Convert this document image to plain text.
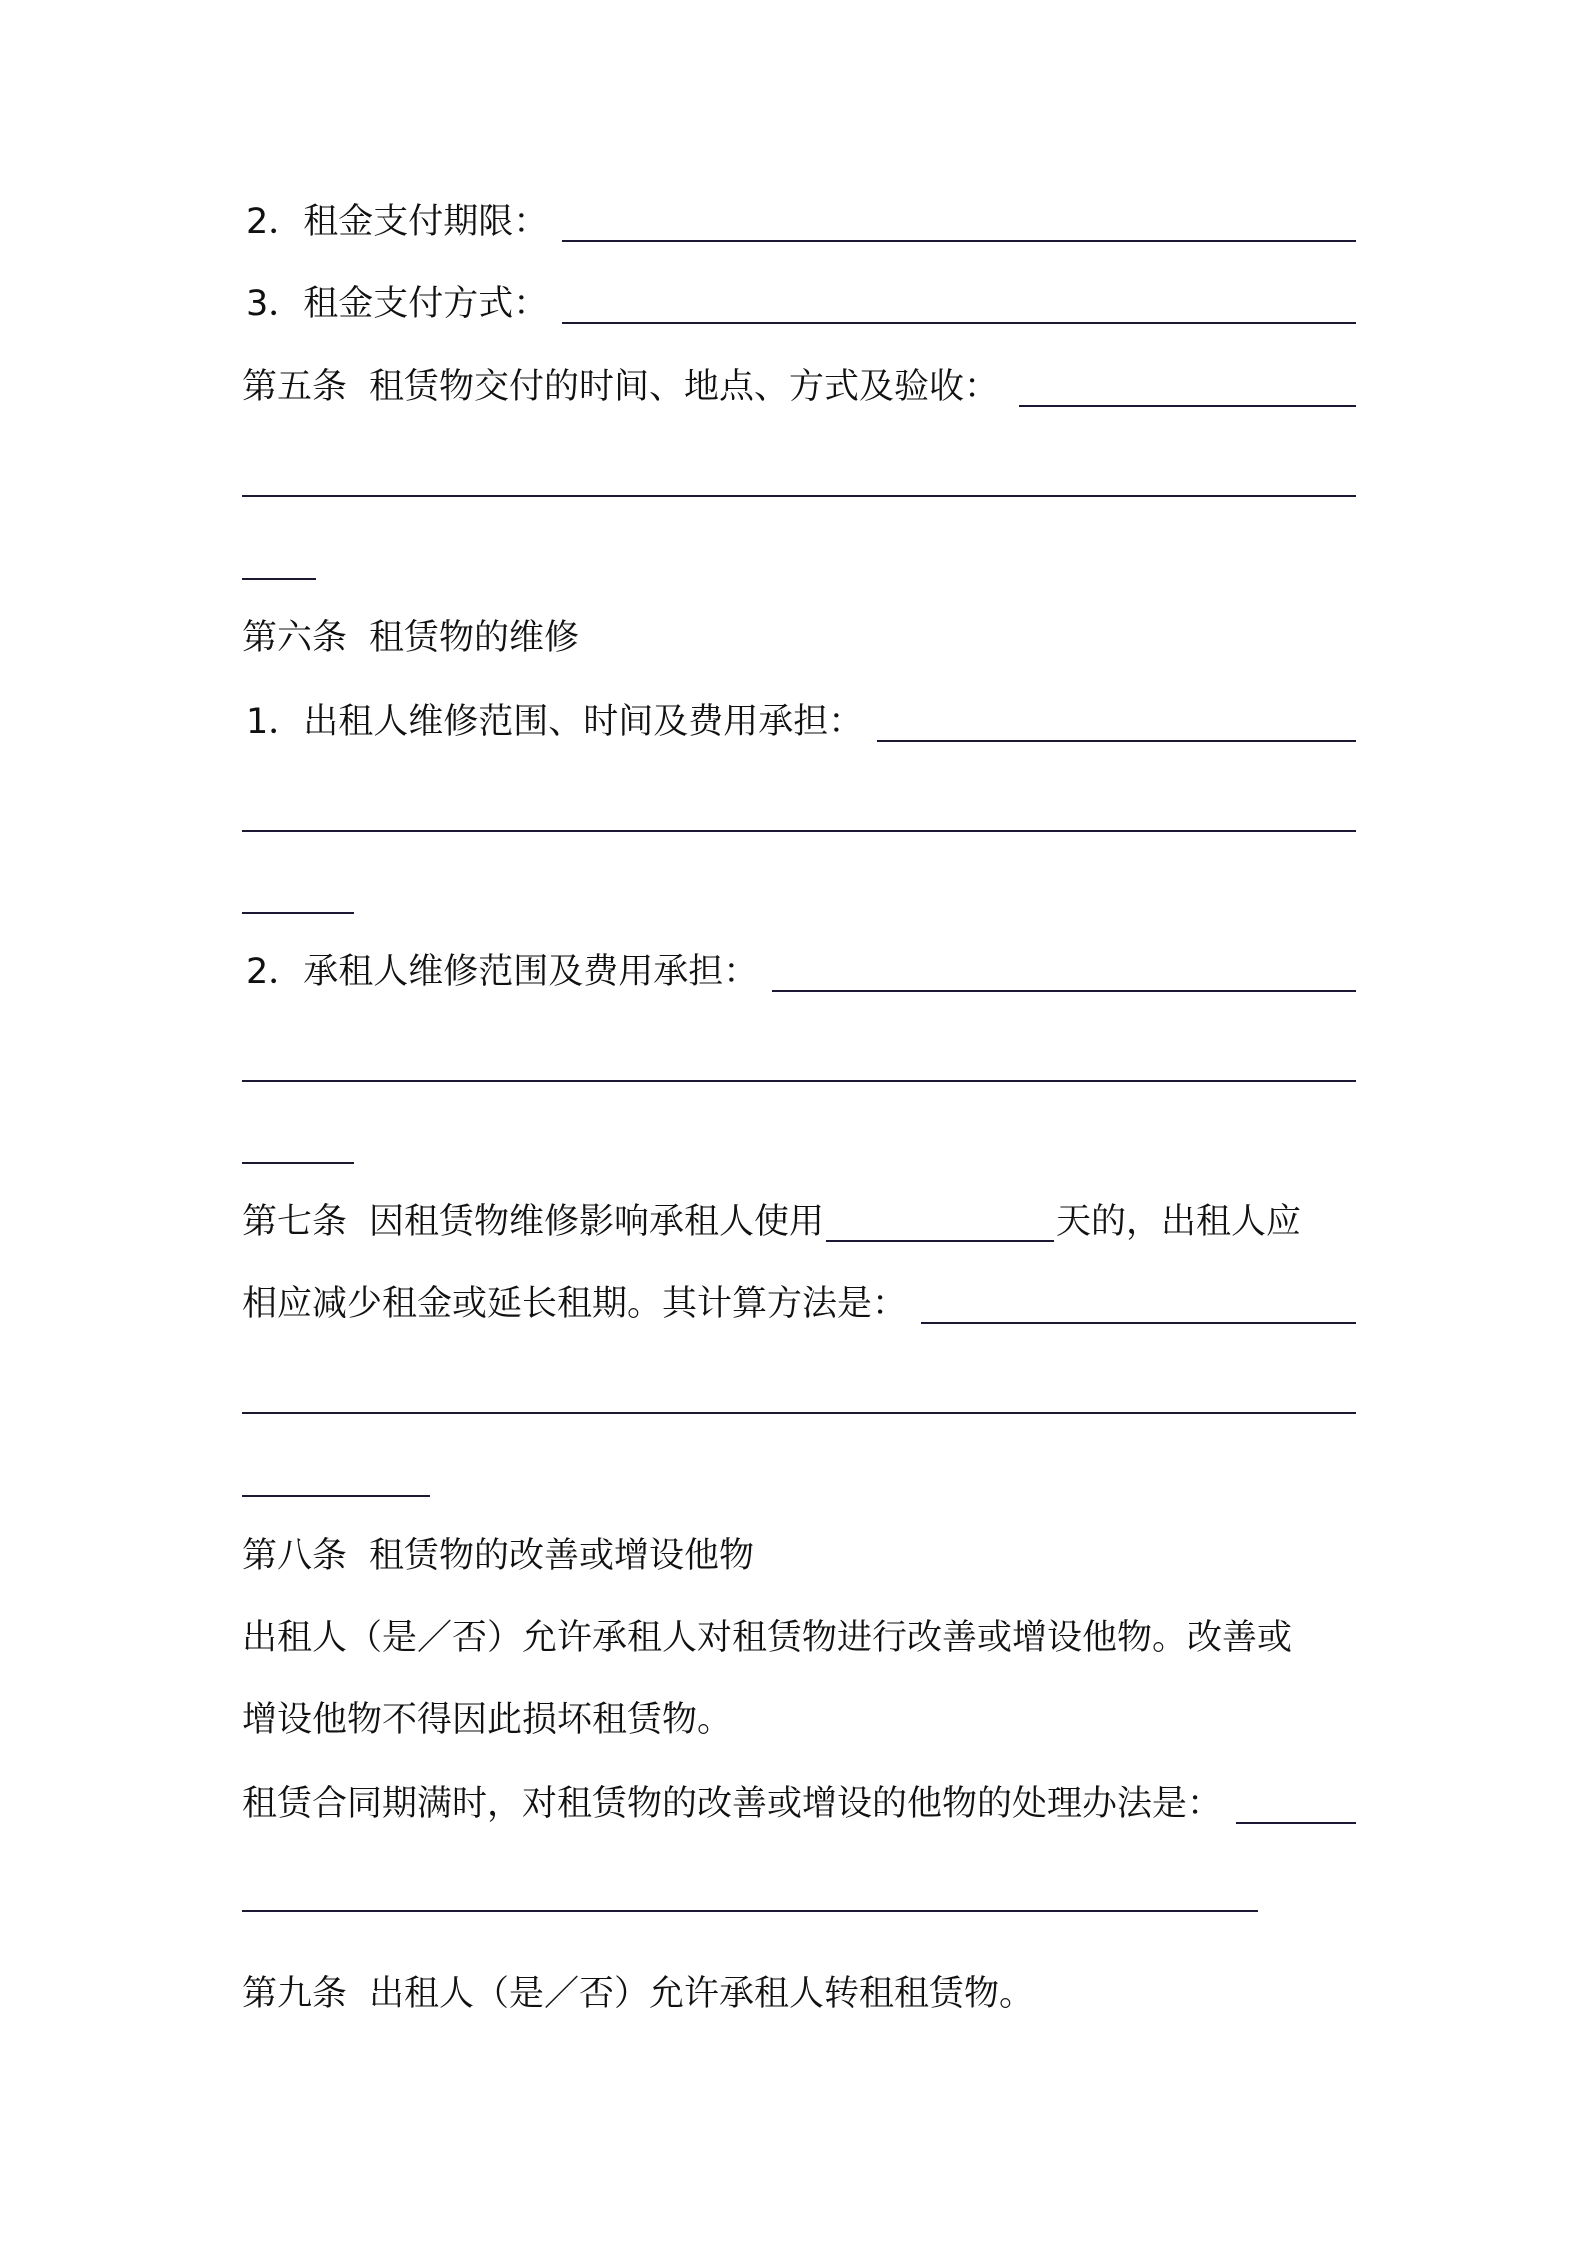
2．租金支付期限：
3．租金支付方式：
第五条 租赁物交付的时间、地点、方式及验收：
第六条 租赁物的维修
1．出租人维修范围、时间及费用承担：
2．承租人维修范围及费用承担：
第七条 因租赁物维修影响承租人使用	天的，出租人应
相应减少租金或延长租期。其计算方法是：
第八条 租赁物的改善或增设他物
出租人（是／否）允许承租人对租赁物进行改善或增设他物。改善或
增设他物不得因此损坏租赁物。
租赁合同期满时，对租赁物的改善或增设的他物的处理办法是：
第九条 出租人（是／否）允许承租人转租租赁物。
